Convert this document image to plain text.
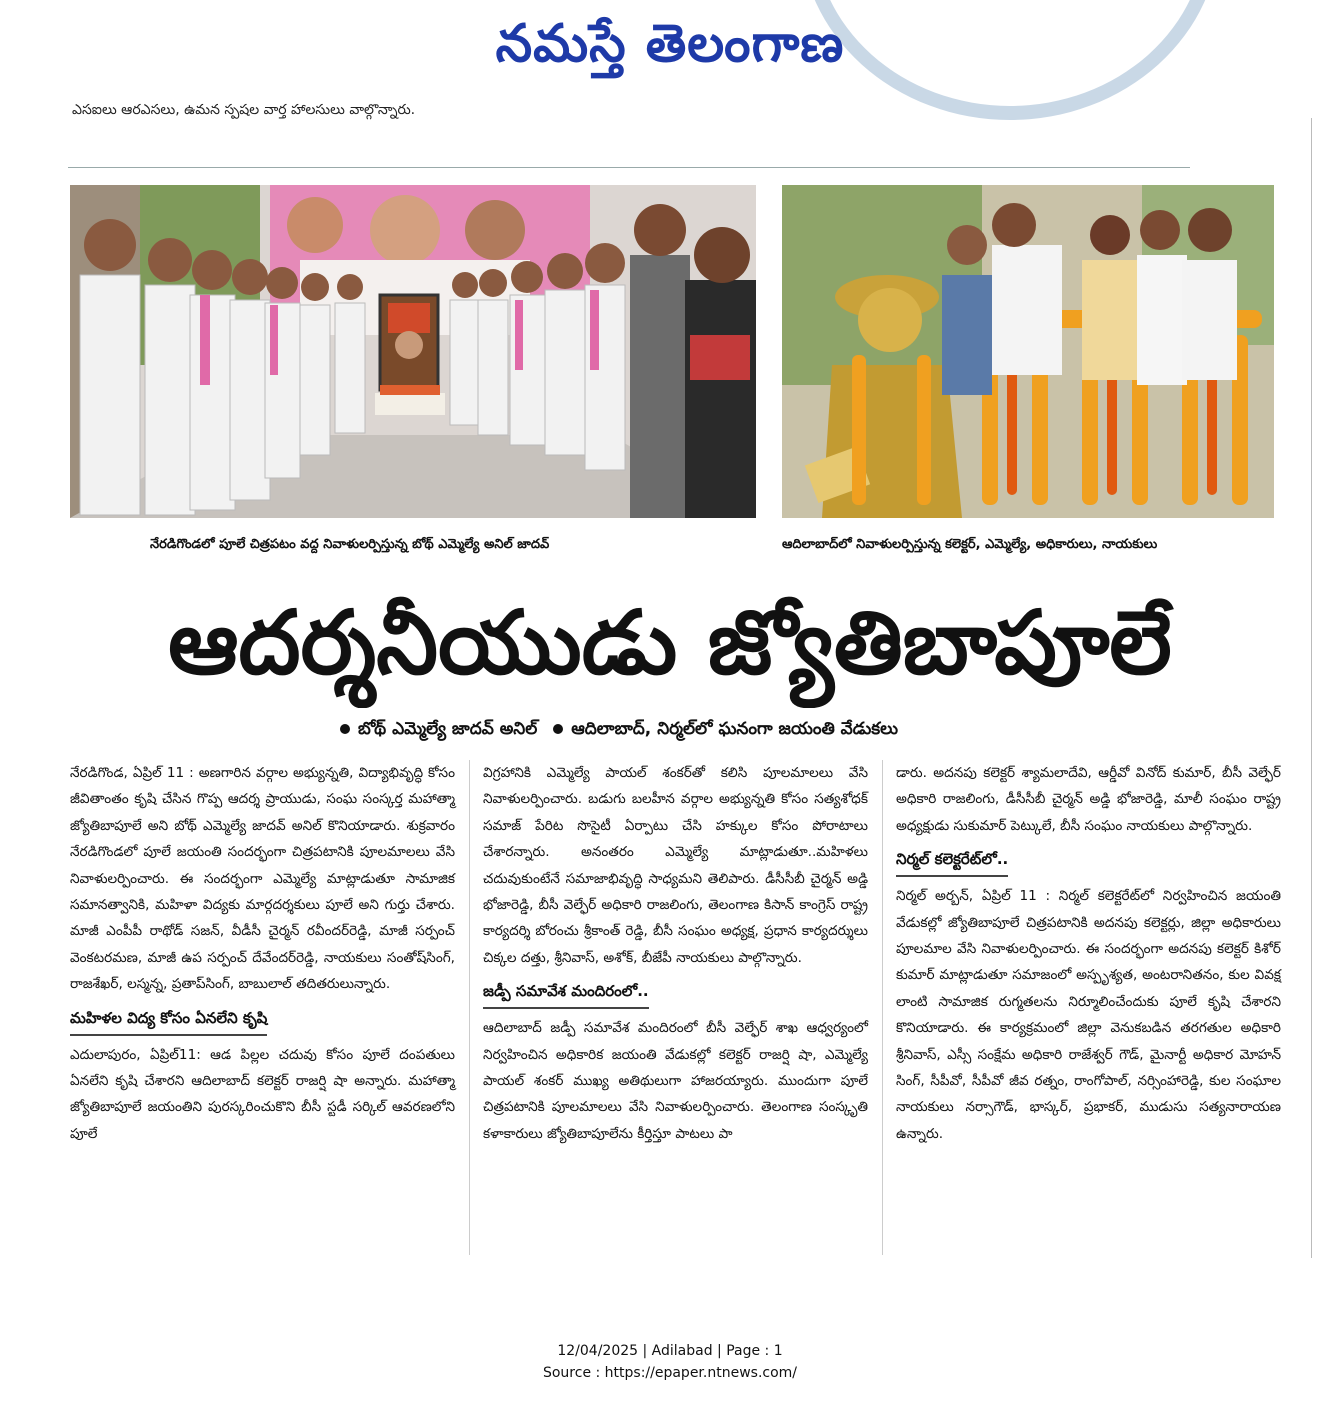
నమస్తే తెలంగాణ
ఎసఐలు ఆరఎసలు, ఉమన స్పషల వార్త హాలసులు వాల్గొన్నారు.
నేరడిగొండలో పూలే చిత్రపటం వద్ద నివాళులర్పిస్తున్న బోథ్ ఎమ్మెల్యే అనిల్ జాదవ్	ఆదిలాబాద్‌లో నివాళులర్పిస్తున్న కలెక్టర్, ఎమ్మెల్యే, అధికారులు, నాయకులు
ఆదర్శనీయుడు జ్యోతిబాపూలే
బోథ్ ఎమ్మెల్యే జాదవ్ అనిల్ ఆదిలాబాద్, నిర్మల్‌లో ఘనంగా జయంతి వేడుకలు

నేరడిగొండ, ఏప్రిల్ 11 : అణగారిన వర్గాల అభ్యున్నతి, విద్యాభివృద్ధి కోసం జీవితాంతం కృషి చేసిన గొప్ప ఆదర్శ ప్రాయుడు, సంఘ సంస్కర్త మహాత్మా జ్యోతిబాపూలే అని బోథ్ ఎమ్మెల్యే జాదవ్ అనిల్ కొనియాడారు. శుక్రవారం నేరడిగొండలో పూలే జయంతి సందర్భంగా చిత్రపటానికి పూలమాలలు వేసి నివాళులర్పించారు. ఈ సందర్భంగా ఎమ్మెల్యే మాట్లాడుతూ సామాజిక సమానత్వానికి, మహిళా విద్యకు మార్గదర్శకులు పూలే అని గుర్తు చేశారు. మాజీ ఎంపీపీ రాథోడ్ సజన్, వీడీసీ చైర్మన్ రవీందర్‌రెడ్డి, మాజీ సర్పంచ్ వెంకటరమణ, మాజీ ఉప సర్పంచ్ దేవేందర్‌రెడ్డి, నాయకులు సంతోష్‌సింగ్, రాజశేఖర్, లస్మన్న, ప్రతాప్‌సింగ్, బాబులాల్ తదితరులున్నారు.

మహిళల విద్య కోసం ఏనలేని కృషి

ఎదులాపురం, ఏప్రిల్11: ఆడ పిల్లల చదువు కోసం పూలే దంపతులు ఏనలేని కృషి చేశారని ఆదిలాబాద్ కలెక్టర్ రాజర్షి షా అన్నారు. మహాత్మా జ్యోతిబాపూలే జయంతిని పురస్కరించుకొని బీసీ స్టడీ సర్కిల్ ఆవరణలోని పూలే

విగ్రహానికి ఎమ్మెల్యే పాయల్ శంకర్‌తో కలిసి పూలమాలలు వేసి నివాళులర్పించారు. బడుగు బలహీన వర్గాల అభ్యున్నతి కోసం సత్యశోధక్ సమాజ్ పేరిట సొసైటీ ఏర్పాటు చేసి హక్కుల కోసం పోరాటాలు చేశారన్నారు. అనంతరం ఎమ్మెల్యే మాట్లాడుతూ..మహిళలు చదువుకుంటేనే సమాజాభివృద్ధి సాధ్యమని తెలిపారు. డీసీసీబీ చైర్మన్ అడ్డి భోజారెడ్డి, బీసీ వెల్ఫేర్ అధికారి రాజలింగు, తెలంగాణ కిసాన్ కాంగ్రెస్ రాష్ట్ర కార్యదర్శి బోరంచు శ్రీకాంత్ రెడ్డి, బీసీ సంఘం అధ్యక్ష, ప్రధాన కార్యదర్శులు చిక్కల దత్తు, శ్రీనివాస్, అశోక్, బీజేపీ నాయకులు పాల్గొన్నారు.

జడ్పీ సమావేశ మందిరంలో..

ఆదిలాబాద్ జడ్పీ సమావేశ మందిరంలో బీసీ వెల్ఫేర్ శాఖ ఆధ్వర్యంలో నిర్వహించిన అధికారిక జయంతి వేడుకల్లో కలెక్టర్ రాజర్షి షా, ఎమ్మెల్యే పాయల్ శంకర్ ముఖ్య అతిథులుగా హాజరయ్యారు. ముందుగా పూలే చిత్రపటానికి పూలమాలలు వేసి నివాళులర్పించారు. తెలంగాణ సంస్కృతి కళాకారులు జ్యోతిబాపూలేను కీర్తిస్తూ పాటలు పా

డారు. అదనపు కలెక్టర్ శ్యామలాదేవి, ఆర్డీవో వినోద్ కుమార్, బీసీ వెల్ఫేర్ అధికారి రాజలింగు, డీసీసీబీ చైర్మన్ అడ్డి భోజారెడ్డి, మాలీ సంఘం రాష్ట్ర అధ్యక్షుడు సుకుమార్ పెట్కులే, బీసీ సంఘం నాయకులు పాల్గొన్నారు.

నిర్మల్ కలెక్టరేట్‌లో..

నిర్మల్ అర్బన్, ఏప్రిల్ 11 : నిర్మల్ కలెక్టరేట్‌లో నిర్వహించిన జయంతి వేడుకల్లో జ్యోతిబాపూలే చిత్రపటానికి అదనపు కలెక్టర్లు, జిల్లా అధికారులు పూలమాల వేసి నివాళులర్పించారు. ఈ సందర్భంగా అదనపు కలెక్టర్ కిశోర్ కుమార్ మాట్లాడుతూ సమాజంలో అస్పృశ్యత, అంటరానితనం, కుల వివక్ష లాంటి సామాజిక రుగ్మతలను నిర్మూలించేందుకు పూలే కృషి చేశారని కొనియాడారు. ఈ కార్యక్రమంలో జిల్లా వెనుకబడిన తరగతుల అధికారి శ్రీనివాస్, ఎస్సీ సంక్షేమ అధికారి రాజేశ్వర్ గౌడ్, మైనార్టీ అధికార మోహన్ సింగ్, సీపీవో, సీపీవో జీవ రత్నం, రాంగోపాల్, నర్సింహారెడ్డి, కుల సంఘాల నాయకులు నర్సాగౌడ్, భాస్కర్, ప్రభాకర్, ముడుసు సత్యనారాయణ ఉన్నారు.

12/04/2025 | Adilabad | Page : 1
Source : https://epaper.ntnews.com/
